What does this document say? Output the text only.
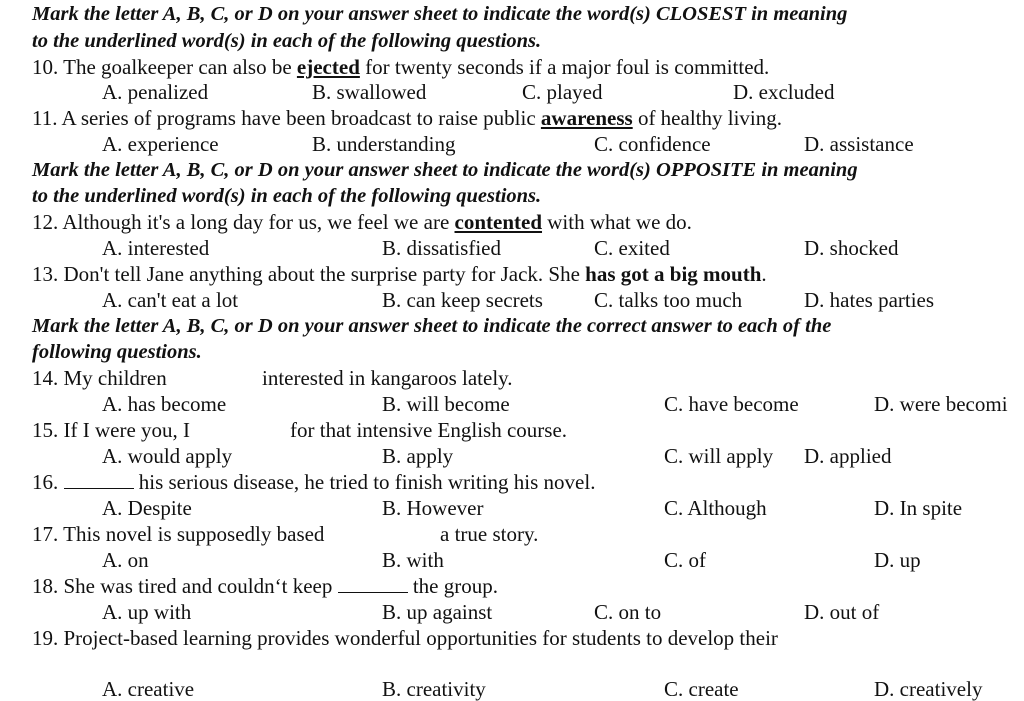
Mark the letter A, B, C, or D on your answer sheet to indicate the word(s) CLOSEST in meaning
to the underlined word(s) in each of the following questions.
10. The goalkeeper can also be ejected for twenty seconds if a major foul is committed.
A. penalized	B. swallowed	C. played	D. excluded
11. A series of programs have been broadcast to raise public awareness of healthy living.
A. experience	B. understanding	C. confidence	D. assistance
Mark the letter A, B, C, or D on your answer sheet to indicate the word(s) OPPOSITE in meaning
to the underlined word(s) in each of the following questions.
12. Although it's a long day for us, we feel we are contented with what we do.
A. interested	B. dissatisfied	C. exited	D. shocked
13. Don't tell Jane anything about the surprise party for Jack. She has got a big mouth.
A. can't eat a lot	B. can keep secrets C. talks too much	D. hates parties
Mark the letter A, B, C, or D on your answer sheet to indicate the correct answer to each of the
following questions.
14. My children	interested in kangaroos lately.
A. has become	B. will become	C. have become	D. were becomi
15. If I were you, I	for that intensive English course.
A. would apply	B. apply	C. will apply D. applied
16.	his serious disease, he tried to finish writing his novel.
A. Despite	B. However	C. Although	D. In spite
17. This novel is supposedly based	a true story.
A. on	B. with	C. of	D. up
18. She was tired and couldn‘t keep	the group.
A. up with	B. up against	C. on to	D. out of
19. Project-based learning provides wonderful opportunities for students to develop their
A. creative	B. creativity	C. create	D. creatively
